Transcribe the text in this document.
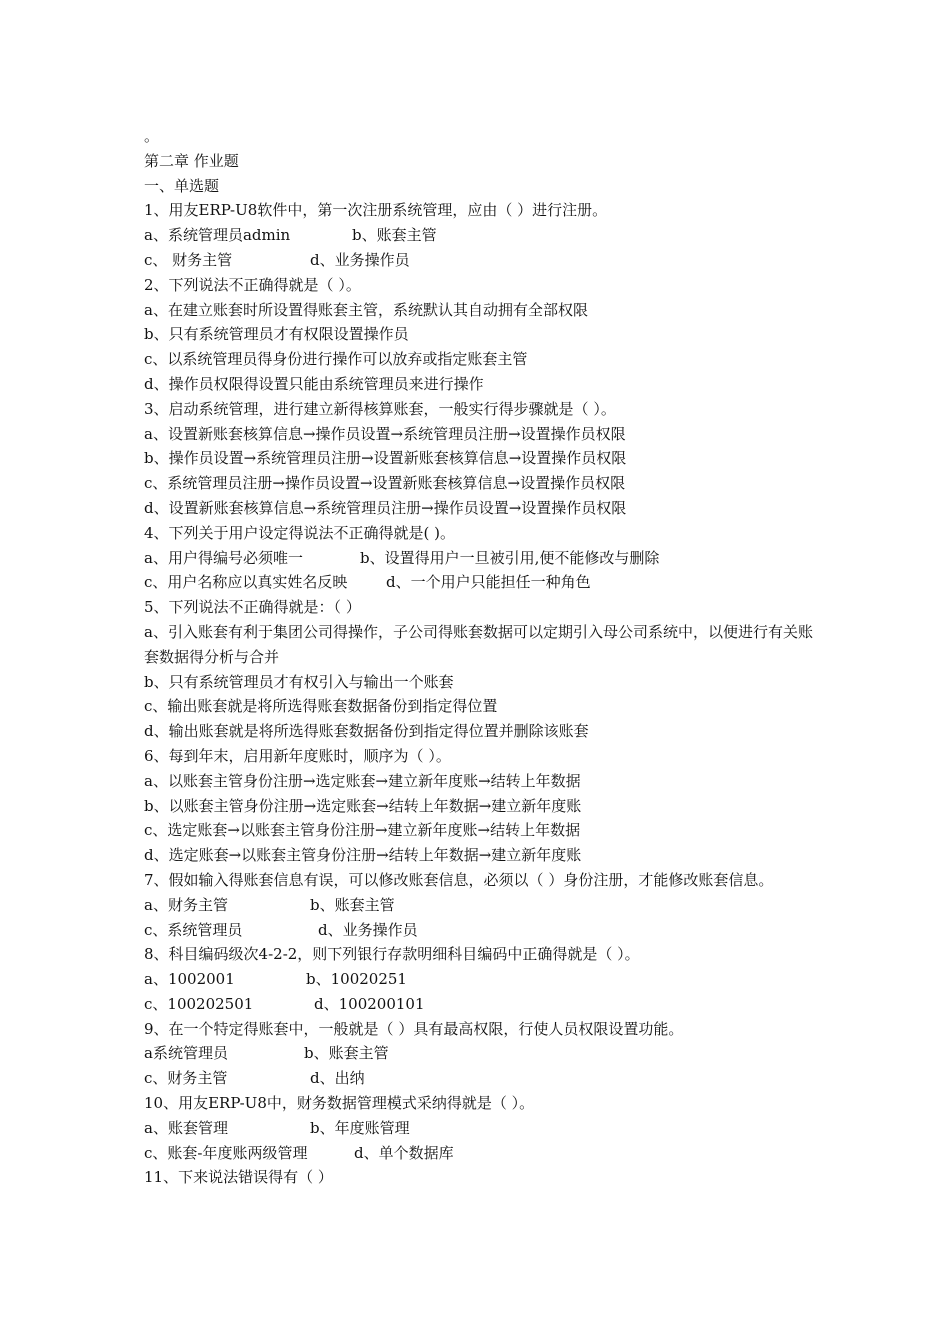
。
第二章 作业题
一、单选题
1、用友ERP-U8软件中，第一次注册系统管理，应由（ ）进行注册。
a、系统管理员admin	b、账套主管
c、 财务主管	d、业务操作员
2、下列说法不正确得就是（ ）。
a、在建立账套时所设置得账套主管，系统默认其自动拥有全部权限
b、只有系统管理员才有权限设置操作员
c、以系统管理员得身份进行操作可以放弃或指定账套主管
d、操作员权限得设置只能由系统管理员来进行操作
3、启动系统管理，进行建立新得核算账套，一般实行得步骤就是（ ）。
a、设置新账套核算信息→操作员设置→系统管理员注册→设置操作员权限
b、操作员设置→系统管理员注册→设置新账套核算信息→设置操作员权限
c、系统管理员注册→操作员设置→设置新账套核算信息→设置操作员权限
d、设置新账套核算信息→系统管理员注册→操作员设置→设置操作员权限
4、下列关于用户设定得说法不正确得就是( )。
a、用户得编号必须唯一	b、设置得用户一旦被引用,便不能修改与删除
c、用户名称应以真实姓名反映	d、一个用户只能担任一种角色
5、下列说法不正确得就是：（ ）
a、引入账套有利于集团公司得操作，子公司得账套数据可以定期引入母公司系统中，以便进行有关账套数据得分析与合并
b、只有系统管理员才有权引入与输出一个账套
c、输出账套就是将所选得账套数据备份到指定得位置
d、输出账套就是将所选得账套数据备份到指定得位置并删除该账套
6、每到年末，启用新年度账时，顺序为（ ）。
a、以账套主管身份注册→选定账套→建立新年度账→结转上年数据
b、以账套主管身份注册→选定账套→结转上年数据→建立新年度账
c、选定账套→以账套主管身份注册→建立新年度账→结转上年数据
d、选定账套→以账套主管身份注册→结转上年数据→建立新年度账
7、假如输入得账套信息有误，可以修改账套信息，必须以（ ）身份注册，才能修改账套信息。
a、财务主管	b、账套主管
c、系统管理员	d、业务操作员
8、科目编码级次4-2-2，则下列银行存款明细科目编码中正确得就是（ ）。
a、1002001	b、10020251
c、100202501	d、100200101
9、在一个特定得账套中，一般就是（ ）具有最高权限，行使人员权限设置功能。
a系统管理员	b、账套主管
c、财务主管	d、出纳
10、用友ERP-U8中，财务数据管理模式采纳得就是（ ）。
a、账套管理	b、年度账管理
c、账套-年度账两级管理	d、单个数据库
11、下来说法错误得有（ ）
